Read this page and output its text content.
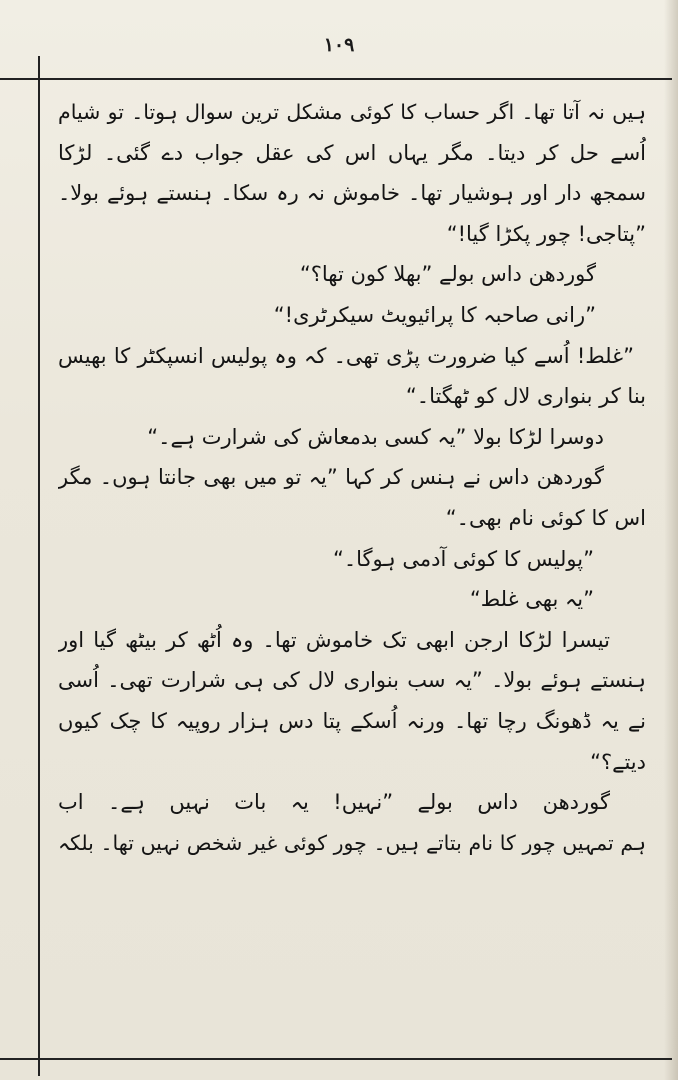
۱۰۹
ہیں نہ آتا تھا۔ اگر حساب کا کوئی مشکل ترین سوال ہوتا۔ تو شیام
اُسے حل کر دیتا۔ مگر یہاں اس کی عقل جواب دے گئی۔ لڑکا
سمجھ دار اور ہوشیار تھا۔ خاموش نہ رہ سکا۔ ہنستے ہوئے بولا۔
”پتاجی! چور پکڑا گیا!“
گوردھن داس بولے ”بھلا کون تھا؟“
”رانی صاحبہ کا پرائیویٹ سیکرٹری!“
”غلط! اُسے کیا ضرورت پڑی تھی۔ کہ وہ پولیس انسپکٹر کا بھیس
بنا کر بنواری لال کو ٹھگتا۔“
دوسرا لڑکا بولا ”یہ کسی بدمعاش کی شرارت ہے۔“
گوردھن داس نے ہنس کر کہا ”یہ تو میں بھی جانتا ہوں۔ مگر
اس کا کوئی نام بھی۔“
”پولیس کا کوئی آدمی ہوگا۔“
”یہ بھی غلط“
تیسرا لڑکا ارجن ابھی تک خاموش تھا۔ وہ اُٹھ کر بیٹھ گیا اور
ہنستے ہوئے بولا۔ ”یہ سب بنواری لال کی ہی شرارت تھی۔ اُسی
نے یہ ڈھونگ رچا تھا۔ ورنہ اُسکے پتا دس ہزار روپیہ کا چک کیوں
دیتے؟“
گوردھن داس بولے ”نہیں! یہ بات نہیں ہے۔ اب
ہم تمہیں چور کا نام بتاتے ہیں۔ چور کوئی غیر شخص نہیں تھا۔ بلکہ
